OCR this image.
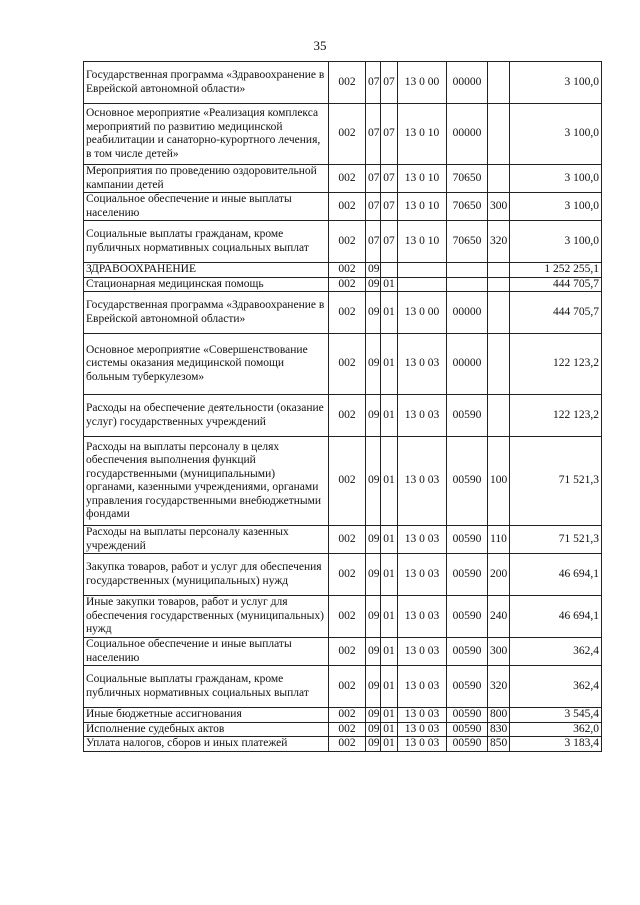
35
Государственная программа «Здравоохранение в Еврейской автономной области»	002	07	07	13 0 00	00000		3 100,0
Основное мероприятие «Реализация комплекса мероприятий по развитию медицинской реабилитации и санаторно-курортного лечения, в том числе детей»	002	07	07	13 0 10	00000		3 100,0
Мероприятия по проведению оздоровительной кампании детей	002	07	07	13 0 10	70650		3 100,0
Социальное обеспечение и иные выплаты населению	002	07	07	13 0 10	70650	300	3 100,0
Социальные выплаты гражданам, кроме публичных нормативных социальных выплат	002	07	07	13 0 10	70650	320	3 100,0
ЗДРАВООХРАНЕНИЕ	002	09					1 252 255,1
Стационарная медицинская помощь	002	09	01				444 705,7
Государственная программа «Здравоохранение в Еврейской автономной области»	002	09	01	13 0 00	00000		444 705,7
Основное мероприятие «Совершенствование системы оказания медицинской помощи больным туберкулезом»	002	09	01	13 0 03	00000		122 123,2
Расходы на обеспечение деятельности (оказание услуг) государственных учреждений	002	09	01	13 0 03	00590		122 123,2
Расходы на выплаты персоналу в целях обеспечения выполнения функций государственными (муниципальными) органами, казенными учреждениями, органами управления государственными внебюджетными фондами	002	09	01	13 0 03	00590	100	71 521,3
Расходы на выплаты персоналу казенных учреждений	002	09	01	13 0 03	00590	110	71 521,3
Закупка товаров, работ и услуг для обеспечения государственных (муниципальных) нужд	002	09	01	13 0 03	00590	200	46 694,1
Иные закупки товаров, работ и услуг для обеспечения государственных (муниципальных) нужд	002	09	01	13 0 03	00590	240	46 694,1
Социальное обеспечение и иные выплаты населению	002	09	01	13 0 03	00590	300	362,4
Социальные выплаты гражданам, кроме публичных нормативных социальных выплат	002	09	01	13 0 03	00590	320	362,4
Иные бюджетные ассигнования	002	09	01	13 0 03	00590	800	3 545,4
Исполнение судебных актов	002	09	01	13 0 03	00590	830	362,0
Уплата налогов, сборов и иных платежей	002	09	01	13 0 03	00590	850	3 183,4
